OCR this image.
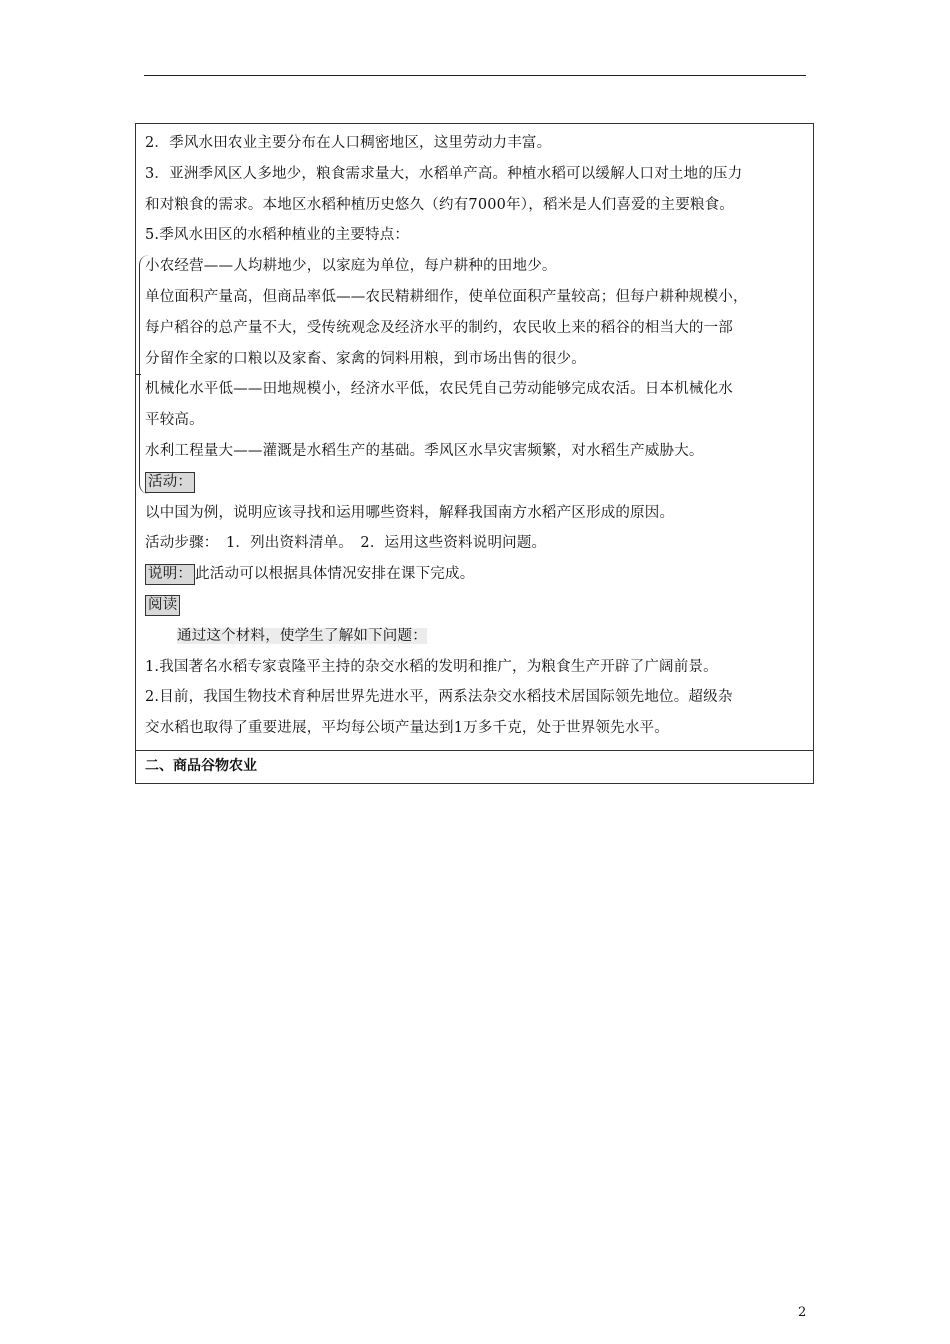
2．季风水田农业主要分布在人口稠密地区，这里劳动力丰富。
3．亚洲季风区人多地少，粮食需求量大，水稻单产高。种植水稻可以缓解人口对土地的压力
和对粮食的需求。本地区水稻种植历史悠久（约有7000年），稻米是人们喜爱的主要粮食。
5.季风水田区的水稻种植业的主要特点：
小农经营——人均耕地少，以家庭为单位，每户耕种的田地少。
单位面积产量高，但商品率低——农民精耕细作，使单位面积产量较高；但每户耕种规模小，
每户稻谷的总产量不大，受传统观念及经济水平的制约，农民收上来的稻谷的相当大的一部
分留作全家的口粮以及家畜、家禽的饲料用粮，到市场出售的很少。
机械化水平低——田地规模小，经济水平低，农民凭自己劳动能够完成农活。日本机械化水
平较高。
水利工程量大——灌溉是水稻生产的基础。季风区水旱灾害频繁，对水稻生产威胁大。
活动：
以中国为例，说明应该寻找和运用哪些资料，解释我国南方水稻产区形成的原因。
活动步骤：　1．列出资料清单。　2．运用这些资料说明问题。
说明： 此活动可以根据具体情况安排在课下完成。
阅读
通过这个材料，使学生了解如下问题：
1.我国著名水稻专家袁隆平主持的杂交水稻的发明和推广，为粮食生产开辟了广阔前景。
2.目前，我国生物技术育种居世界先进水平，两系法杂交水稻技术居国际领先地位。超级杂
交水稻也取得了重要进展，平均每公顷产量达到1万多千克，处于世界领先水平。
二、商品谷物农业
2
